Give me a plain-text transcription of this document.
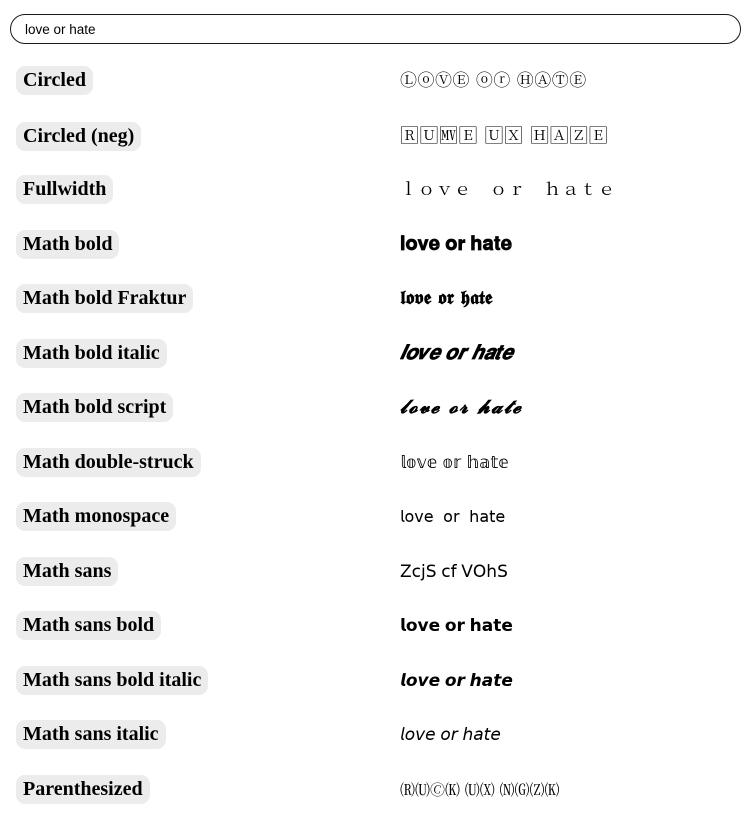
love or hate
Circled	ⓁⓞⓋⒺ ⓞⓡ ⒽⒶⓉⒺ
Circled (neg)	🅁🅄🅋🄴 🅄🅇 🄷🄰🅉🄴
Fullwidth	ｌｏｖｅ　ｏｒ　ｈａｔｅ
Math bold	𝐥𝐨𝐯𝐞 𝐨𝐫 𝐡𝐚𝐭𝐞
Math bold Fraktur	𝖑𝖔𝖛𝖊 𝖔𝖗 𝖍𝖆𝖙𝖊
Math bold italic	𝒍𝒐𝒗𝒆 𝒐𝒓 𝒉𝒂𝒕𝒆
Math bold script	𝓵𝓸𝓿𝓮 𝓸𝓻 𝓱𝓪𝓽𝓮
Math double-struck	𝕝𝕠𝕧𝕖 𝕠𝕣 𝕙𝕒𝕥𝕖
Math monospace	𝗅𝗈𝗏𝖾 𝗈𝗋 𝗁𝖺𝗍𝖾
Math sans	𝖹𝖼𝗃𝖲 𝖼𝖿 𝖵𝖮𝗁𝖲
Math sans bold	𝗹𝗼𝘃𝗲 𝗼𝗿 𝗵𝗮𝘁𝗲
Math sans bold italic	𝙡𝙤𝙫𝙚 𝙤𝙧 𝙝𝙖𝙩𝙚
Math sans italic	𝘭𝘰𝘷𝘦 𝘰𝘳 𝘩𝘢𝘵𝘦
Parenthesized	🄡🄤🄫🄚 🄤🄧 🄝🄖🄩🄚
